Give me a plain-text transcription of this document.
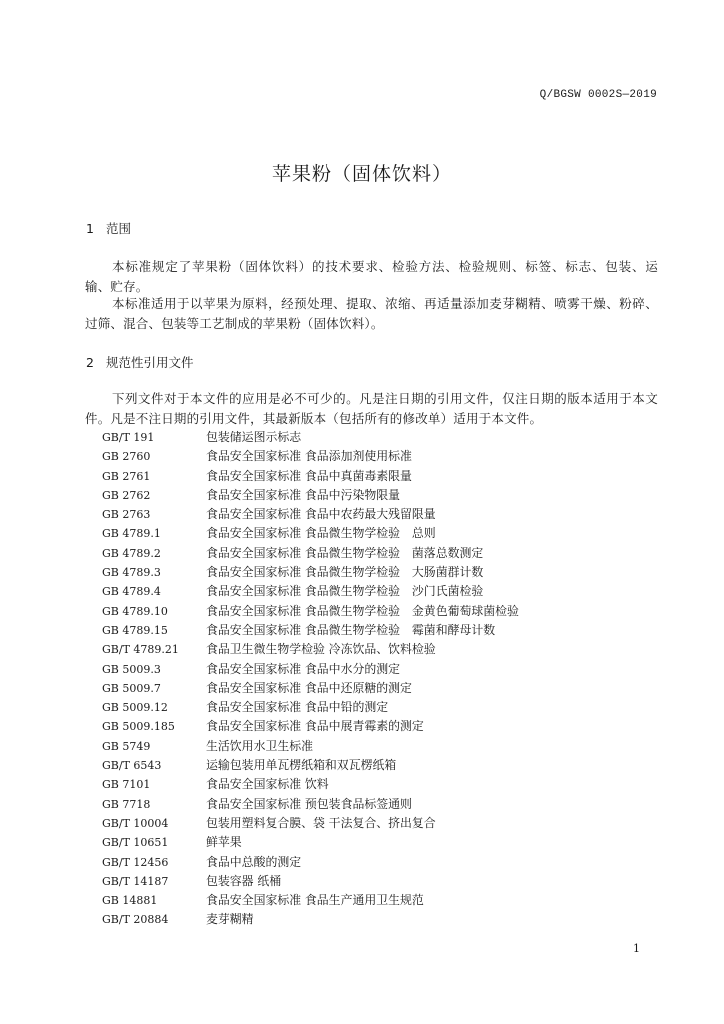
Q/BGSW 0002S—2019
苹果粉（固体饮料）
1 范围
本标准规定了苹果粉（固体饮料）的技术要求、检验方法、检验规则、标签、标志、包装、运输、贮存。
本标准适用于以苹果为原料，经预处理、提取、浓缩、再适量添加麦芽糊精、喷雾干燥、粉碎、过筛、混合、包装等工艺制成的苹果粉（固体饮料）。
2 规范性引用文件
下列文件对于本文件的应用是必不可少的。凡是注日期的引用文件，仅注日期的版本适用于本文件。凡是不注日期的引用文件，其最新版本（包括所有的修改单）适用于本文件。
GB/T 191	包装储运图示标志
GB 2760	食品安全国家标准 食品添加剂使用标准
GB 2761	食品安全国家标准 食品中真菌毒素限量
GB 2762	食品安全国家标准 食品中污染物限量
GB 2763	食品安全国家标准 食品中农药最大残留限量
GB 4789.1	食品安全国家标准 食品微生物学检验　总则
GB 4789.2	食品安全国家标准 食品微生物学检验　菌落总数测定
GB 4789.3	食品安全国家标准 食品微生物学检验　大肠菌群计数
GB 4789.4	食品安全国家标准 食品微生物学检验　沙门氏菌检验
GB 4789.10	食品安全国家标准 食品微生物学检验　金黄色葡萄球菌检验
GB 4789.15	食品安全国家标准 食品微生物学检验　霉菌和酵母计数
GB/T 4789.21 食品卫生微生物学检验 冷冻饮品、饮料检验
GB 5009.3	食品安全国家标准 食品中水分的测定
GB 5009.7	食品安全国家标准 食品中还原糖的测定
GB 5009.12	食品安全国家标准 食品中铅的测定
GB 5009.185	食品安全国家标准 食品中展青霉素的测定
GB 5749	生活饮用水卫生标准
GB/T 6543	运输包装用单瓦楞纸箱和双瓦楞纸箱
GB 7101	食品安全国家标准 饮料
GB 7718	食品安全国家标准 预包装食品标签通则
GB/T 10004	包装用塑料复合膜、袋 干法复合、挤出复合
GB/T 10651	鲜苹果
GB/T 12456	食品中总酸的测定
GB/T 14187	包装容器 纸桶
GB 14881	食品安全国家标准 食品生产通用卫生规范
GB/T 20884	麦芽糊精
1
